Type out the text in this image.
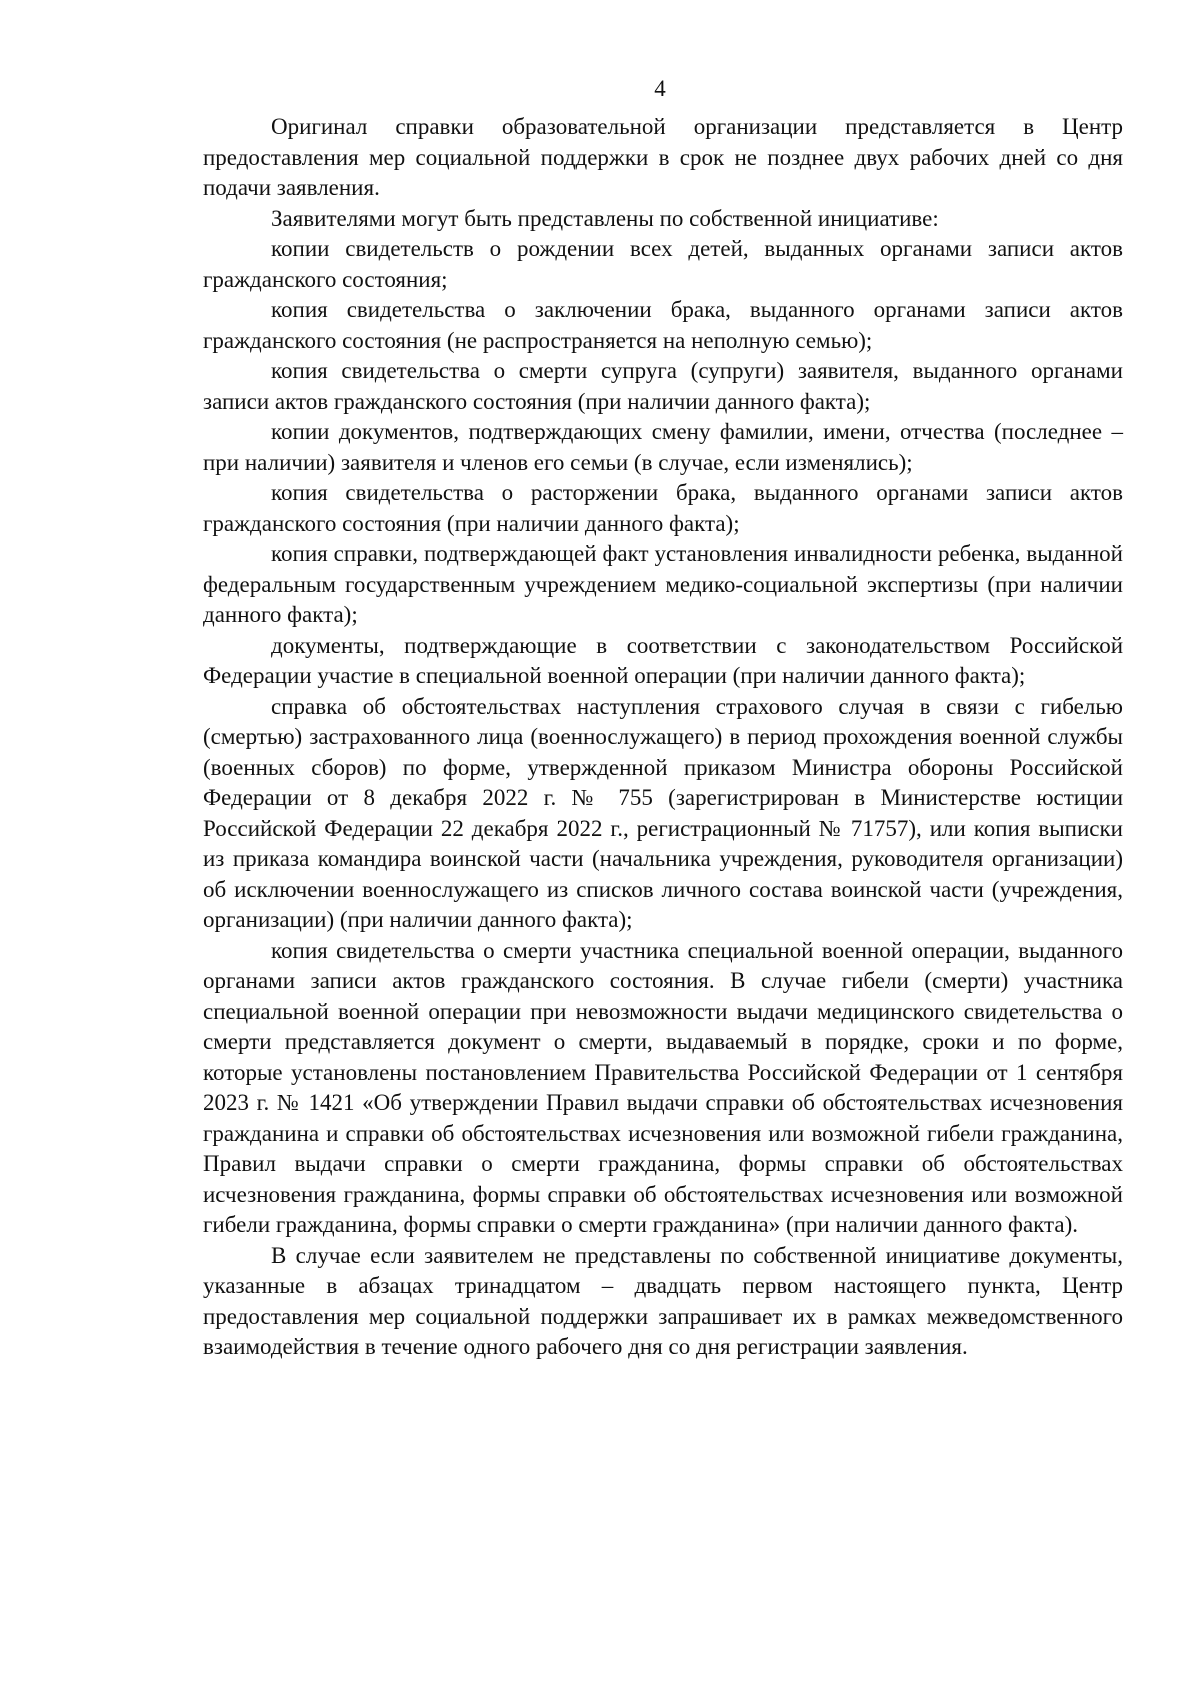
4

Оригинал справки образовательной организации представляется в Центр предоставления мер социальной поддержки в срок не позднее двух рабочих дней со дня подачи заявления.

Заявителями могут быть представлены по собственной инициативе:

копии свидетельств о рождении всех детей, выданных органами записи актов гражданского состояния;

копия свидетельства о заключении брака, выданного органами записи актов гражданского состояния (не распространяется на неполную семью);

копия свидетельства о смерти супруга (супруги) заявителя, выданного органами записи актов гражданского состояния (при наличии данного факта);

копии документов, подтверждающих смену фамилии, имени, отчества (последнее – при наличии) заявителя и членов его семьи (в случае, если изменялись);

копия свидетельства о расторжении брака, выданного органами записи актов гражданского состояния (при наличии данного факта);

копия справки, подтверждающей факт установления инвалидности ребенка, выданной федеральным государственным учреждением медико-социальной экспертизы (при наличии данного факта);

документы, подтверждающие в соответствии с законодательством Российской Федерации участие в специальной военной операции (при наличии данного факта);

справка об обстоятельствах наступления страхового случая в связи с гибелью (смертью) застрахованного лица (военнослужащего) в период прохождения военной службы (военных сборов) по форме, утвержденной приказом Министра обороны Российской Федерации от 8 декабря 2022 г. № 755 (зарегистрирован в Министерстве юстиции Российской Федерации 22 декабря 2022 г., регистрационный № 71757), или копия выписки из приказа командира воинской части (начальника учреждения, руководителя организации) об исключении военнослужащего из списков личного состава воинской части (учреждения, организации) (при наличии данного факта);

копия свидетельства о смерти участника специальной военной операции, выданного органами записи актов гражданского состояния. В случае гибели (смерти) участника специальной военной операции при невозможности выдачи медицинского свидетельства о смерти представляется документ о смерти, выдаваемый в порядке, сроки и по форме, которые установлены постановлением Правительства Российской Федерации от 1 сентября 2023 г. № 1421 «Об утверждении Правил выдачи справки об обстоятельствах исчезновения гражданина и справки об обстоятельствах исчезновения или возможной гибели гражданина, Правил выдачи справки о смерти гражданина, формы справки об обстоятельствах исчезновения гражданина, формы справки об обстоятельствах исчезновения или возможной гибели гражданина, формы справки о смерти гражданина» (при наличии данного факта).

В случае если заявителем не представлены по собственной инициативе документы, указанные в абзацах тринадцатом – двадцать первом настоящего пункта, Центр предоставления мер социальной поддержки запрашивает их в рамках межведомственного взаимодействия в течение одного рабочего дня со дня регистрации заявления.
